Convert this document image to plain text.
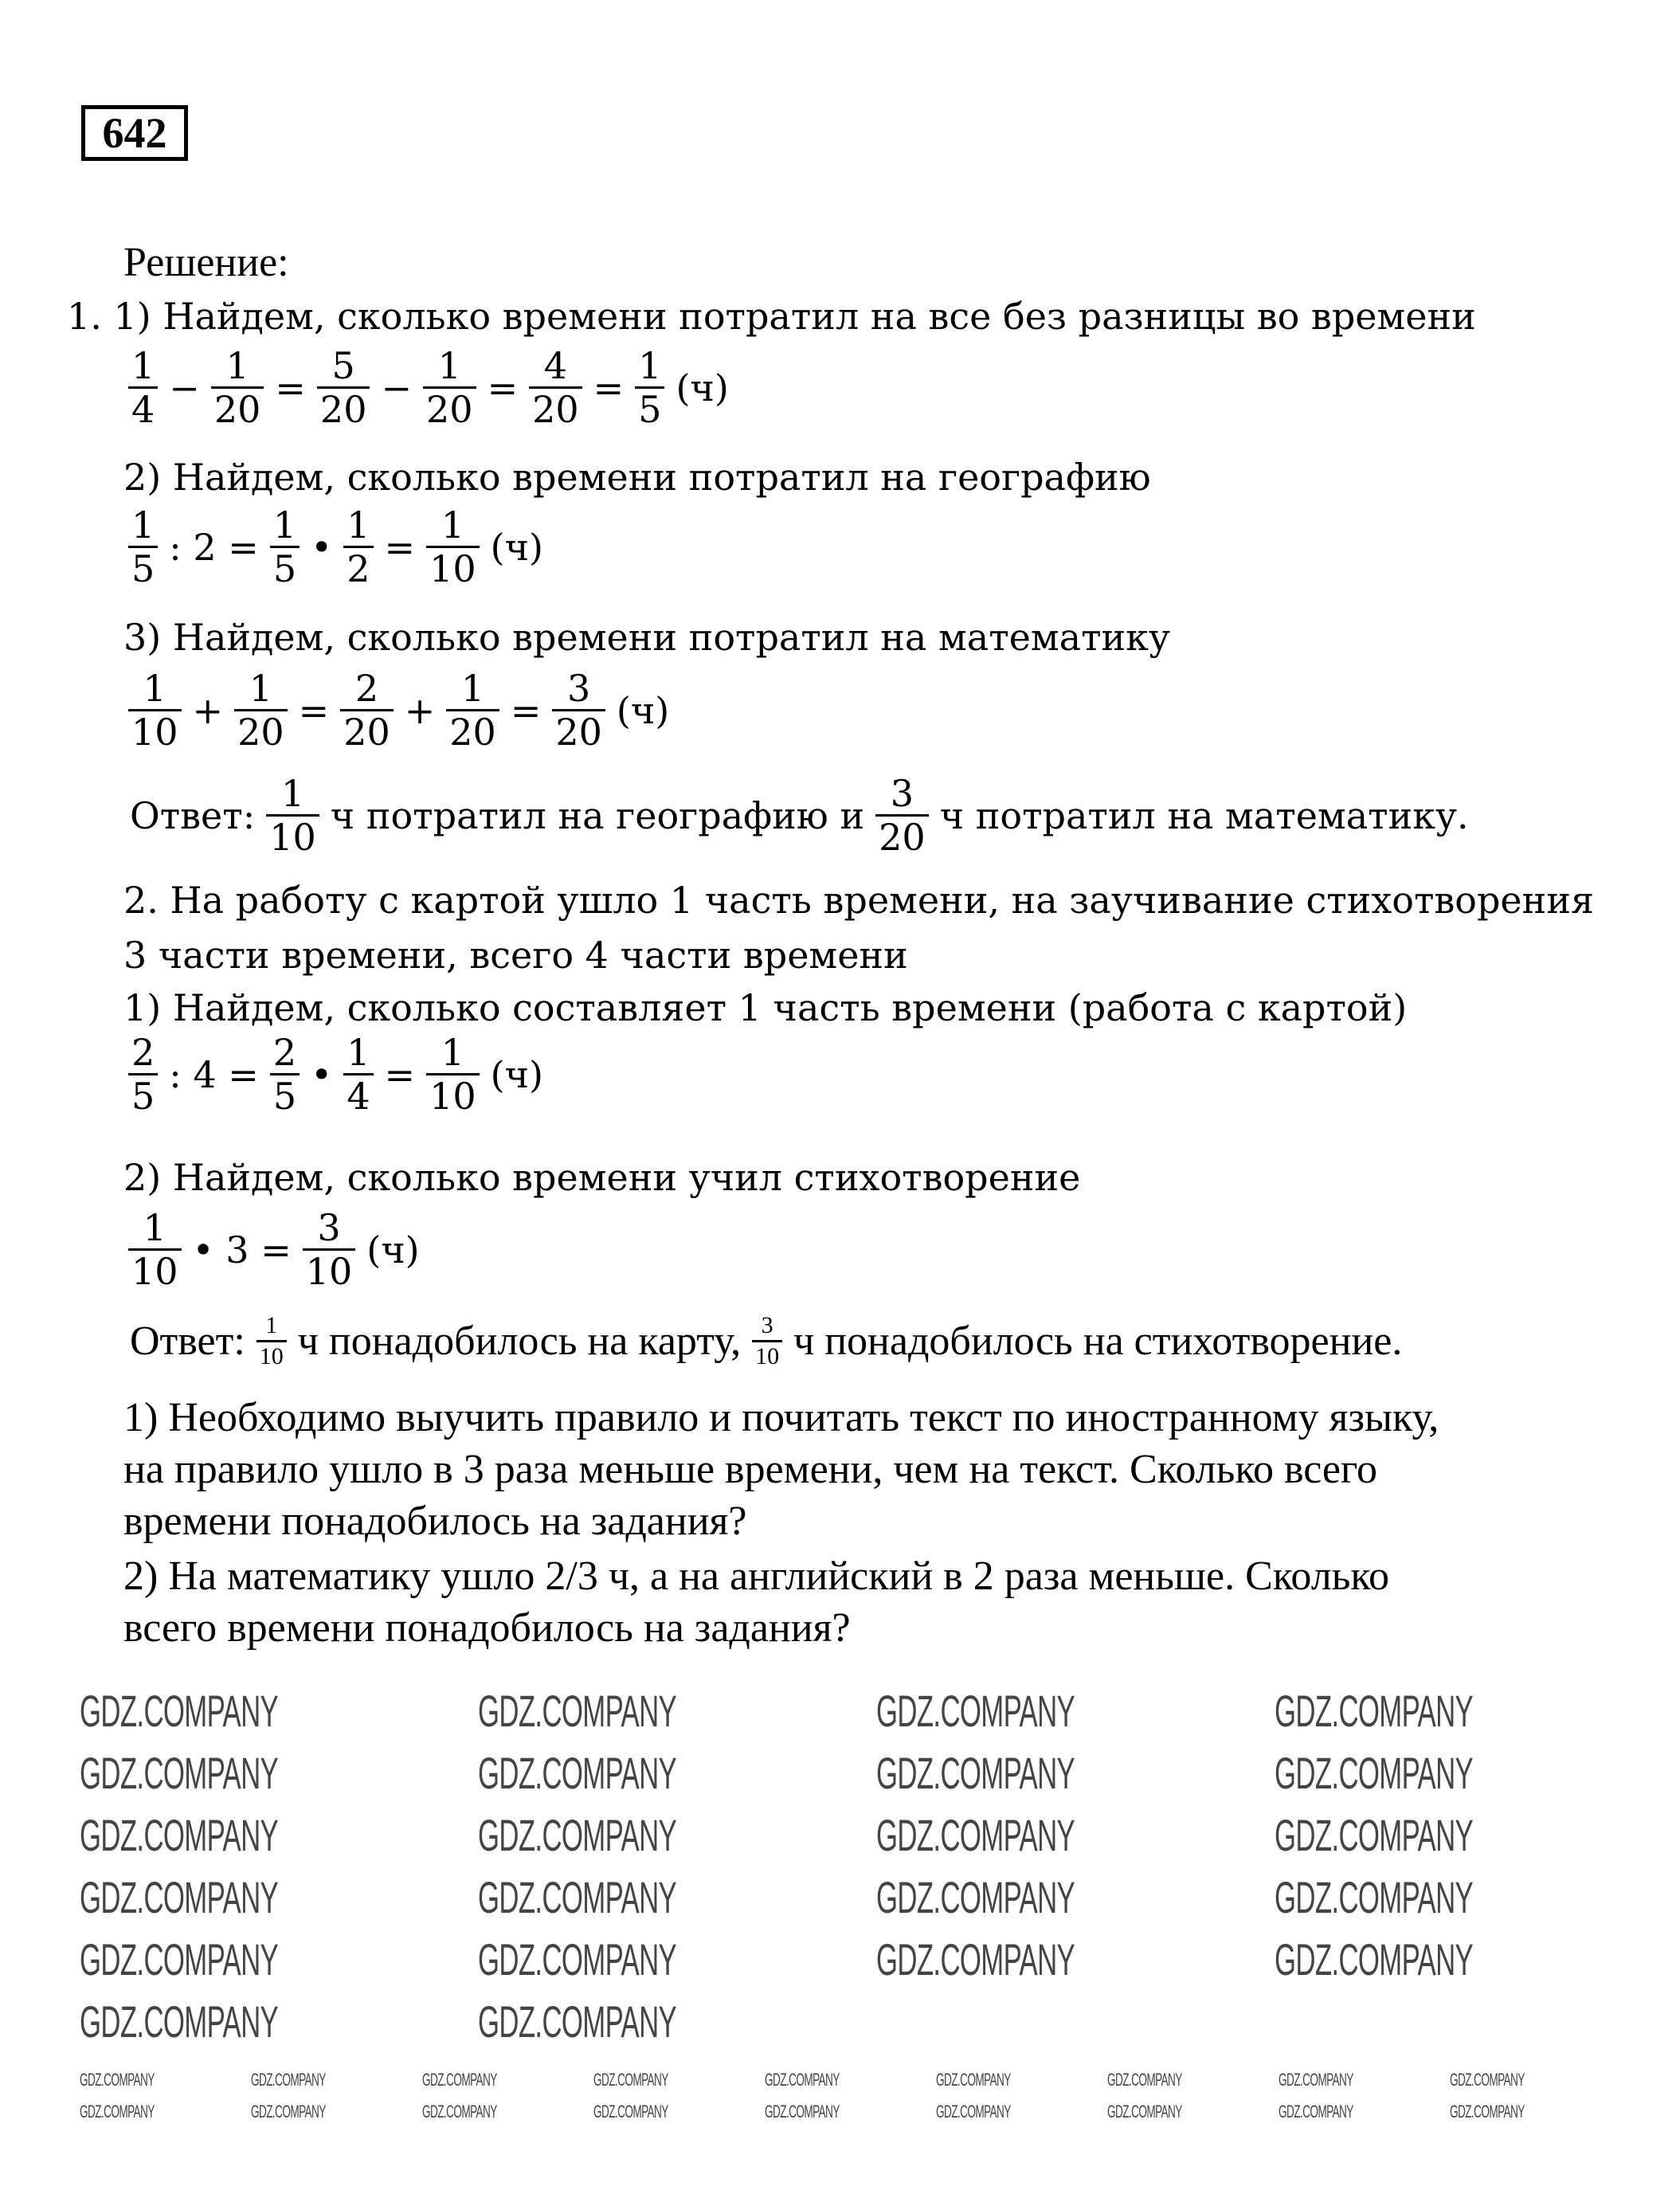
642
GDZ.COMPANY	GDZ.COMPANY	GDZ.COMPANY	GDZ.COMPANY
GDZ.COMPANY	GDZ.COMPANY	GDZ.COMPANY	GDZ.COMPANY
GDZ.COMPANY	GDZ.COMPANY	GDZ.COMPANY	GDZ.COMPANY
GDZ.COMPANY	GDZ.COMPANY	GDZ.COMPANY	GDZ.COMPANY
GDZ.COMPANY	GDZ.COMPANY	GDZ.COMPANY	GDZ.COMPANY
GDZ.COMPANY	GDZ.COMPANY
GDZ.COMPANY	GDZ.COMPANY	GDZ.COMPANY	GDZ.COMPANY	GDZ.COMPANY	GDZ.COMPANY	GDZ.COMPANY	GDZ.COMPANY	GDZ.COMPANY
GDZ.COMPANY	GDZ.COMPANY	GDZ.COMPANY	GDZ.COMPANY	GDZ.COMPANY	GDZ.COMPANY	GDZ.COMPANY	GDZ.COMPANY	GDZ.COMPANY
Решение:
1. 1) Найдем, сколько времени потратил на все без разницы во времени
$\frac{1}{4} - \frac{1}{20} = \frac{5}{20} - \frac{1}{20} = \frac{4}{20} = \frac{1}{5} (ч)$
2) Найдем, сколько времени потратил на географию
$\frac{1}{5}$ : $2 = \frac{1}{5}$ • $\frac{1}{2} = \frac{1}{10} (ч)$
3) Найдем, сколько времени потратил на математику
$\frac{1}{10} + \frac{1}{20} = \frac{2}{20} + \frac{1}{20} = \frac{3}{20} (ч)$
Ответ: $\frac{1}{10}$ ч потратил на географию и $\frac{3}{20}$ ч потратил на математику.
2. На работу с картой ушло 1 часть времени, на заучивание стихотворения
3 части времени, всего 4 части времени
1) Найдем, сколько составляет 1 часть времени (работа с картой)
$\frac{2}{5}$ : $4 = \frac{2}{5}$ • $\frac{1}{4} = \frac{1}{10} (ч)$
2) Найдем, сколько времени учил стихотворение
$\frac{1}{10}$ • $3 = \frac{3}{10} (ч)$
Ответ: $\frac{1}{10}$ ч понадобилось на карту, $\frac{3}{10}$ ч понадобилось на стихотворение.
1) Необходимо выучить правило и почитать текст по иностранному языку,
на правило ушло в 3 раза меньше времени, чем на текст. Сколько всего
времени понадобилось на задания?
2) На математику ушло 2/3 ч, а на английский в 2 раза меньше. Сколько
всего времени понадобилось на задания?
